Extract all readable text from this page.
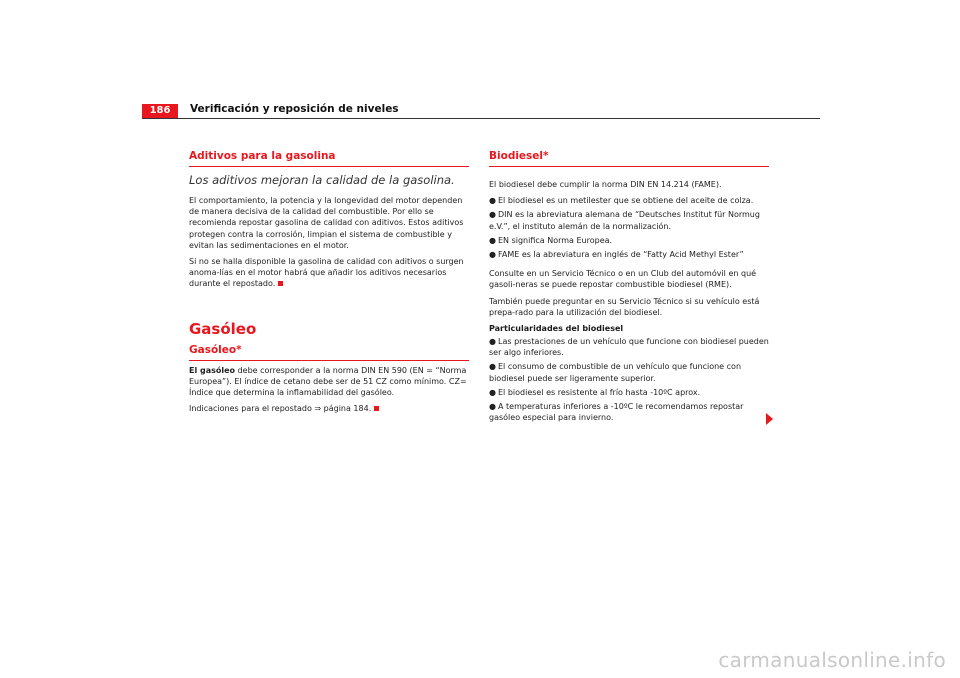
186	Verificación y reposición de niveles
Aditivos para la gasolina
Los aditivos mejoran la calidad de la gasolina.

El comportamiento, la potencia y la longevidad del motor dependen de manera decisiva de la calidad del combustible. Por ello se recomienda repostar gasolina de calidad con aditivos. Estos aditivos protegen contra la corrosión, limpian el sistema de combustible y evitan las sedimentaciones en el motor.

Si no se halla disponible la gasolina de calidad con aditivos o surgen anoma-lías en el motor habrá que añadir los aditivos necesarios durante el repostado.

Gasóleo
Gasóleo*

El gasóleo debe corresponder a la norma DIN EN 590 (EN = “Norma Europea”). El índice de cetano debe ser de 51 CZ como mínimo. CZ= Índice que determina la inflamabilidad del gasóleo.

Indicaciones para el repostado ⇒ página 184.

Biodiesel*

El biodiesel debe cumplir la norma DIN EN 14.214 (FAME).

● El biodiesel es un metilester que se obtiene del aceite de colza.
● DIN es la abreviatura alemana de “Deutsches Institut für Normug e.V.”, el instituto alemán de la normalización.
● EN significa Norma Europea.
● FAME es la abreviatura en inglés de “Fatty Acid Methyl Ester”

Consulte en un Servicio Técnico o en un Club del automóvil en qué gasoli-neras se puede repostar combustible biodiesel (RME).

También puede preguntar en su Servicio Técnico si su vehículo está prepa-rado para la utilización del biodiesel.

Particularidades del biodiesel
● Las prestaciones de un vehículo que funcione con biodiesel pueden ser algo inferiores.
● El consumo de combustible de un vehículo que funcione con biodiesel puede ser ligeramente superior.
● El biodiesel es resistente al frío hasta -10ºC aprox.
● A temperaturas inferiores a -10ºC le recomendamos repostar gasóleo especial para invierno.
carmanualsonline.info
